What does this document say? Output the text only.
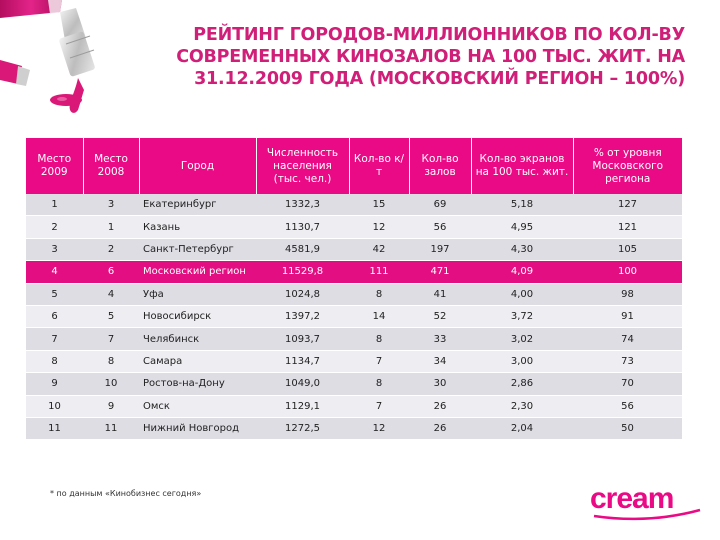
РЕЙТИНГ ГОРОДОВ-МИЛЛИОННИКОВ ПО КОЛ-ВУ
СОВРЕМЕННЫХ КИНОЗАЛОВ НА 100 ТЫС. ЖИТ. НА
31.12.2009 ГОДА (МОСКОВСКИЙ РЕГИОН – 100%)
Место 2009	Место 2008	Город	Численность населения (тыс. чел.)	Кол-во к/т	Кол-во залов	Кол-во экранов на 100 тыс. жит.	% от уровня Московского региона
1	3	Екатеринбург	1332,3	15	69	5,18	127
2	1	Казань	1130,7	12	56	4,95	121
3	2	Санкт-Петербург	4581,9	42	197	4,30	105
4	6	Московский регион	11529,8	111	471	4,09	100
5	4	Уфа	1024,8	8	41	4,00	98
6	5	Новосибирск	1397,2	14	52	3,72	91
7	7	Челябинск	1093,7	8	33	3,02	74
8	8	Самара	1134,7	7	34	3,00	73
9	10	Ростов-на-Дону	1049,0	8	30	2,86	70
10	9	Омск	1129,1	7	26	2,30	56
11	11	Нижний Новгород	1272,5	12	26	2,04	50
* по данным «Кинобизнес сегодня»	cream
